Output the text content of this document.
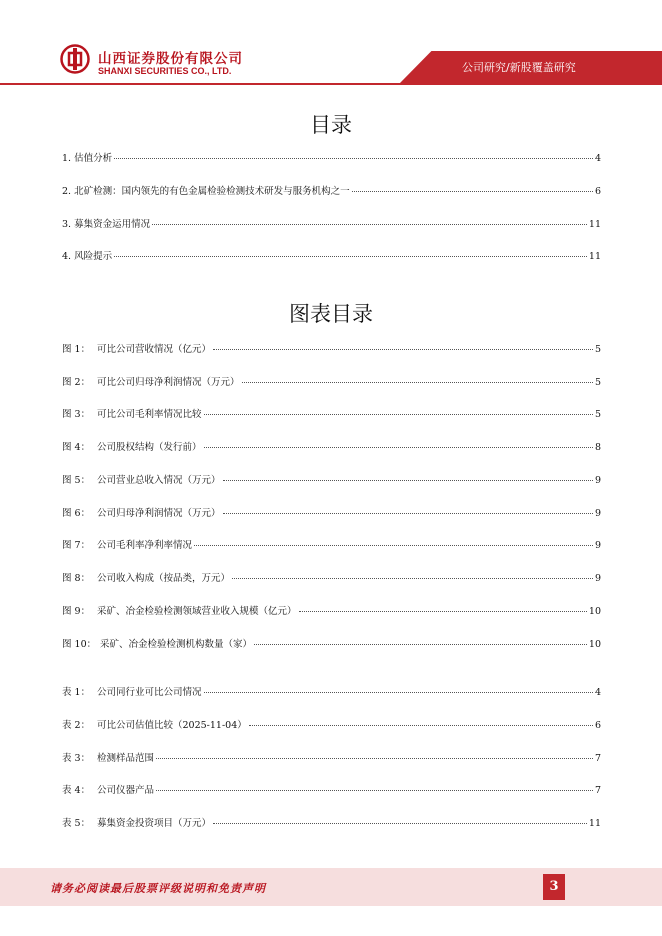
山西证券股份有限公司
SHANXI SECURITIES CO., LTD.	公司研究/新股覆盖研究
目录
1. 估值分析	4
2. 北矿检测：国内领先的有色金属检验检测技术研发与服务机构之一	6
3. 募集资金运用情况	11
4. 风险提示	11
图表目录
图 1： 可比公司营收情况（亿元）	5
图 2： 可比公司归母净利润情况（万元）	5
图 3： 可比公司毛利率情况比较	5
图 4： 公司股权结构（发行前）	8
图 5： 公司营业总收入情况（万元）	9
图 6： 公司归母净利润情况（万元）	9
图 7： 公司毛利率净利率情况	9
图 8： 公司收入构成（按品类，万元）	9
图 9： 采矿、冶金检验检测领域营业收入规模（亿元）	10
图 10： 采矿、冶金检验检测机构数量（家）	10
表 1： 公司同行业可比公司情况	4
表 2： 可比公司估值比较（2025-11-04）	6
表 3： 检测样品范围	7
表 4： 公司仪器产品	7
表 5： 募集资金投资项目（万元）	11
请务必阅读最后股票评级说明和免责声明	3
